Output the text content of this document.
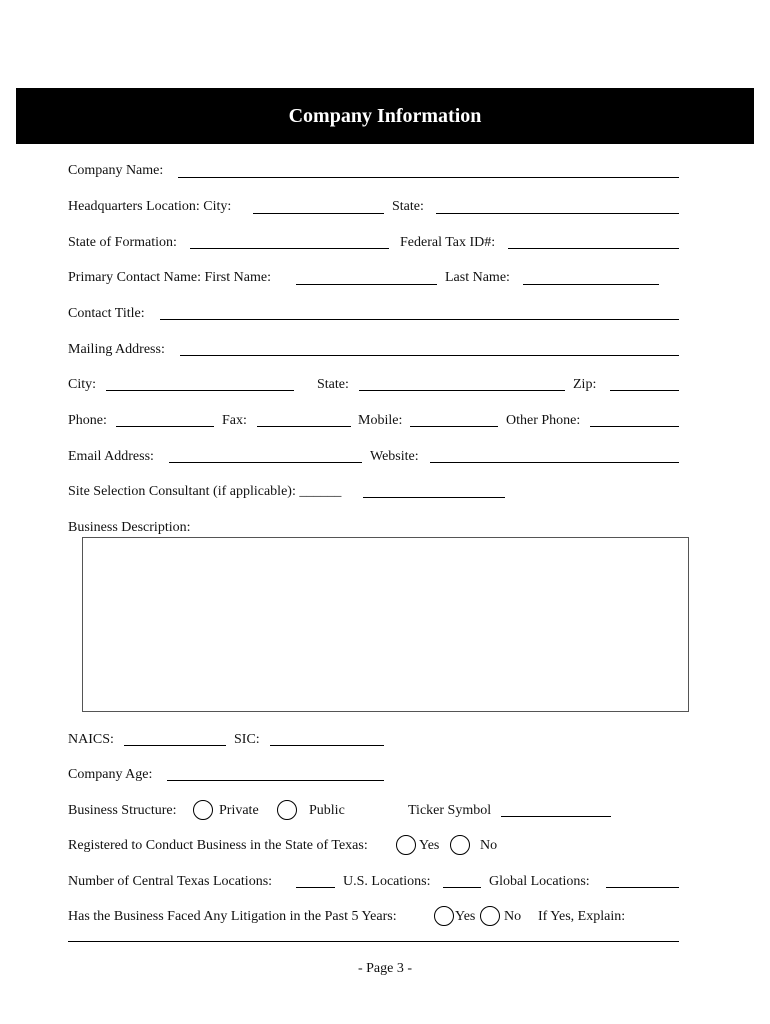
Company Information
Company Name:
Headquarters Location: City:	State:
State of Formation:	Federal Tax ID#:
Primary Contact Name: First Name:	Last Name:
Contact Title:
Mailing Address:
City:	State:	Zip:
Phone:	Fax:	Mobile:	Other Phone:
Email Address:	Website:
Site Selection Consultant (if applicable): ______
Business Description:
NAICS:	SIC:
Company Age:
Business Structure:	Private	Public	Ticker Symbol
Registered to Conduct Business in the State of Texas:	Yes	No
Number of Central Texas Locations:	U.S. Locations:	Global Locations:
Has the Business Faced Any Litigation in the Past 5 Years:	Yes No If Yes, Explain:
- Page 3 -
